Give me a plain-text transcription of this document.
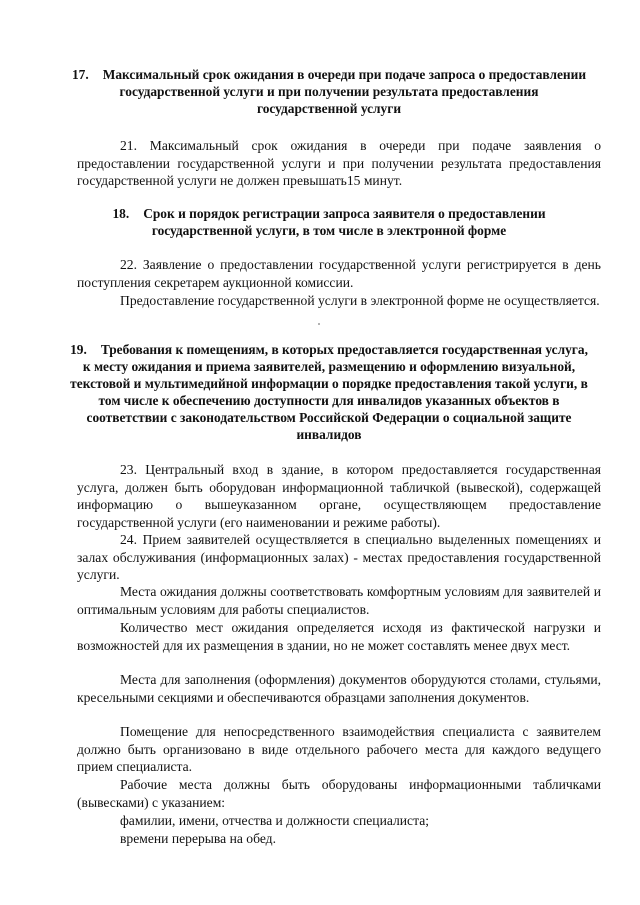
17. Максимальный срок ожидания в очереди при подаче запроса о предоставлении государственной услуги и при получении результата предоставления государственной услуги
21. Максимальный срок ожидания в очереди при подаче заявления о предоставлении государственной услуги и при получении результата предоставления государственной услуги не должен превышать15 минут.
18. Срок и порядок регистрации запроса заявителя о предоставлении государственной услуги, в том числе в электронной форме
22. Заявление о предоставлении государственной услуги регистрируется в день поступления секретарем аукционной комиссии.
Предоставление государственной услуги в электронной форме не осуществляется.
19. Требования к помещениям, в которых предоставляется государственная услуга, к месту ожидания и приема заявителей, размещению и оформлению визуальной, текстовой и мультимедийной информации о порядке предоставления такой услуги, в том числе к обеспечению доступности для инвалидов указанных объектов в соответствии с законодательством Российской Федерации о социальной защите инвалидов
23. Центральный вход в здание, в котором предоставляется государственная услуга, должен быть оборудован информационной табличкой (вывеской), содержащей информацию о вышеуказанном органе, осуществляющем предоставление государственной услуги (его наименовании и режиме работы).
24. Прием заявителей осуществляется в специально выделенных помещениях и залах обслуживания (информационных залах) - местах предоставления государственной услуги.
Места ожидания должны соответствовать комфортным условиям для заявителей и оптимальным условиям для работы специалистов.
Количество мест ожидания определяется исходя из фактической нагрузки и возможностей для их размещения в здании, но не может составлять менее двух мест.
Места для заполнения (оформления) документов оборудуются столами, стульями, кресельными секциями и обеспечиваются образцами заполнения документов.
Помещение для непосредственного взаимодействия специалиста с заявителем должно быть организовано в виде отдельного рабочего места для каждого ведущего прием специалиста.
Рабочие места должны быть оборудованы информационными табличками (вывесками) с указанием:
фамилии, имени, отчества и должности специалиста;
времени перерыва на обед.
